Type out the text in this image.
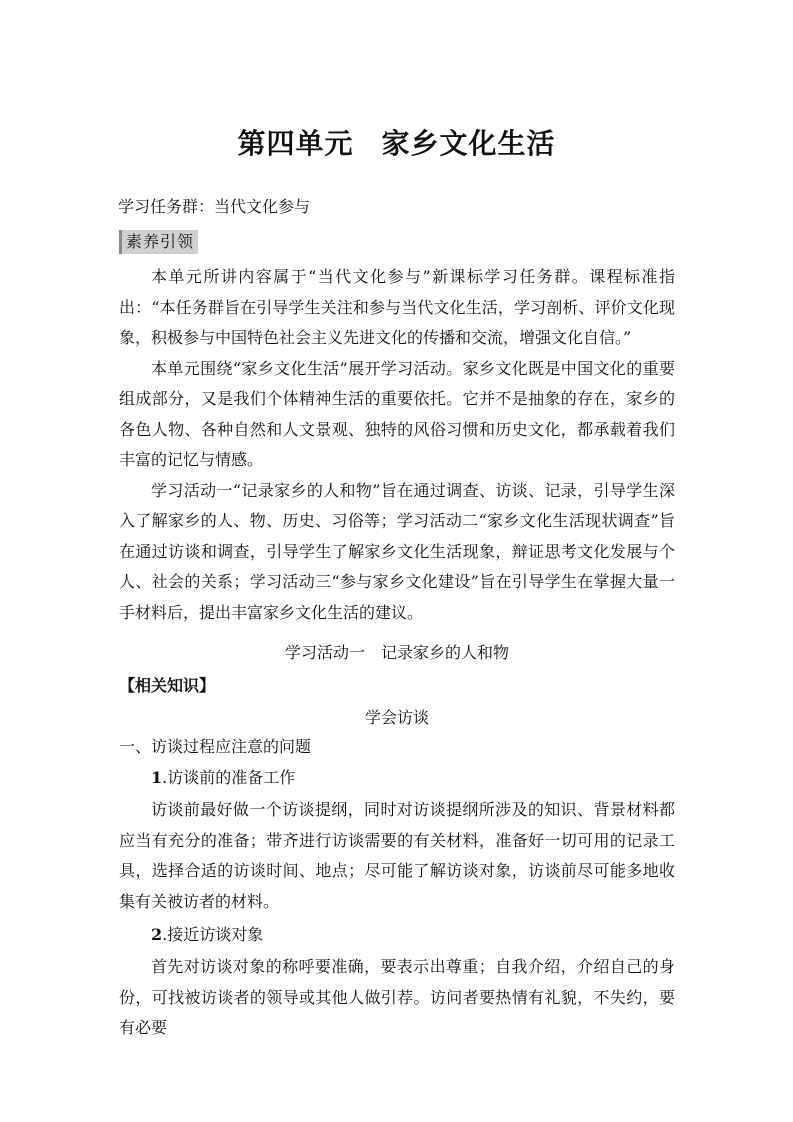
第四单元 家乡文化生活
学习任务群：当代文化参与
素养引领

本单元所讲内容属于“当代文化参与”新课标学习任务群。课程标准指出：“本任务群旨在引导学生关注和参与当代文化生活，学习剖析、评价文化现象，积极参与中国特色社会主义先进文化的传播和交流，增强文化自信。”

本单元围绕“家乡文化生活”展开学习活动。家乡文化既是中国文化的重要组成部分，又是我们个体精神生活的重要依托。它并不是抽象的存在，家乡的各色人物、各种自然和人文景观、独特的风俗习惯和历史文化，都承载着我们丰富的记忆与情感。

学习活动一“记录家乡的人和物”旨在通过调查、访谈、记录，引导学生深入了解家乡的人、物、历史、习俗等；学习活动二“家乡文化生活现状调查”旨在通过访谈和调查，引导学生了解家乡文化生活现象，辩证思考文化发展与个人、社会的关系；学习活动三“参与家乡文化建设”旨在引导学生在掌握大量一手材料后，提出丰富家乡文化生活的建议。

学习活动一 记录家乡的人和物
【相关知识】
学会访谈
一、访谈过程应注意的问题
1.访谈前的准备工作

访谈前最好做一个访谈提纲，同时对访谈提纲所涉及的知识、背景材料都应当有充分的准备；带齐进行访谈需要的有关材料，准备好一切可用的记录工具，选择合适的访谈时间、地点；尽可能了解访谈对象，访谈前尽可能多地收集有关被访者的材料。

2.接近访谈对象

首先对访谈对象的称呼要准确，要表示出尊重；自我介绍，介绍自己的身份，可找被访谈者的领导或其他人做引荐。访问者要热情有礼貌，不失约，要有必要
